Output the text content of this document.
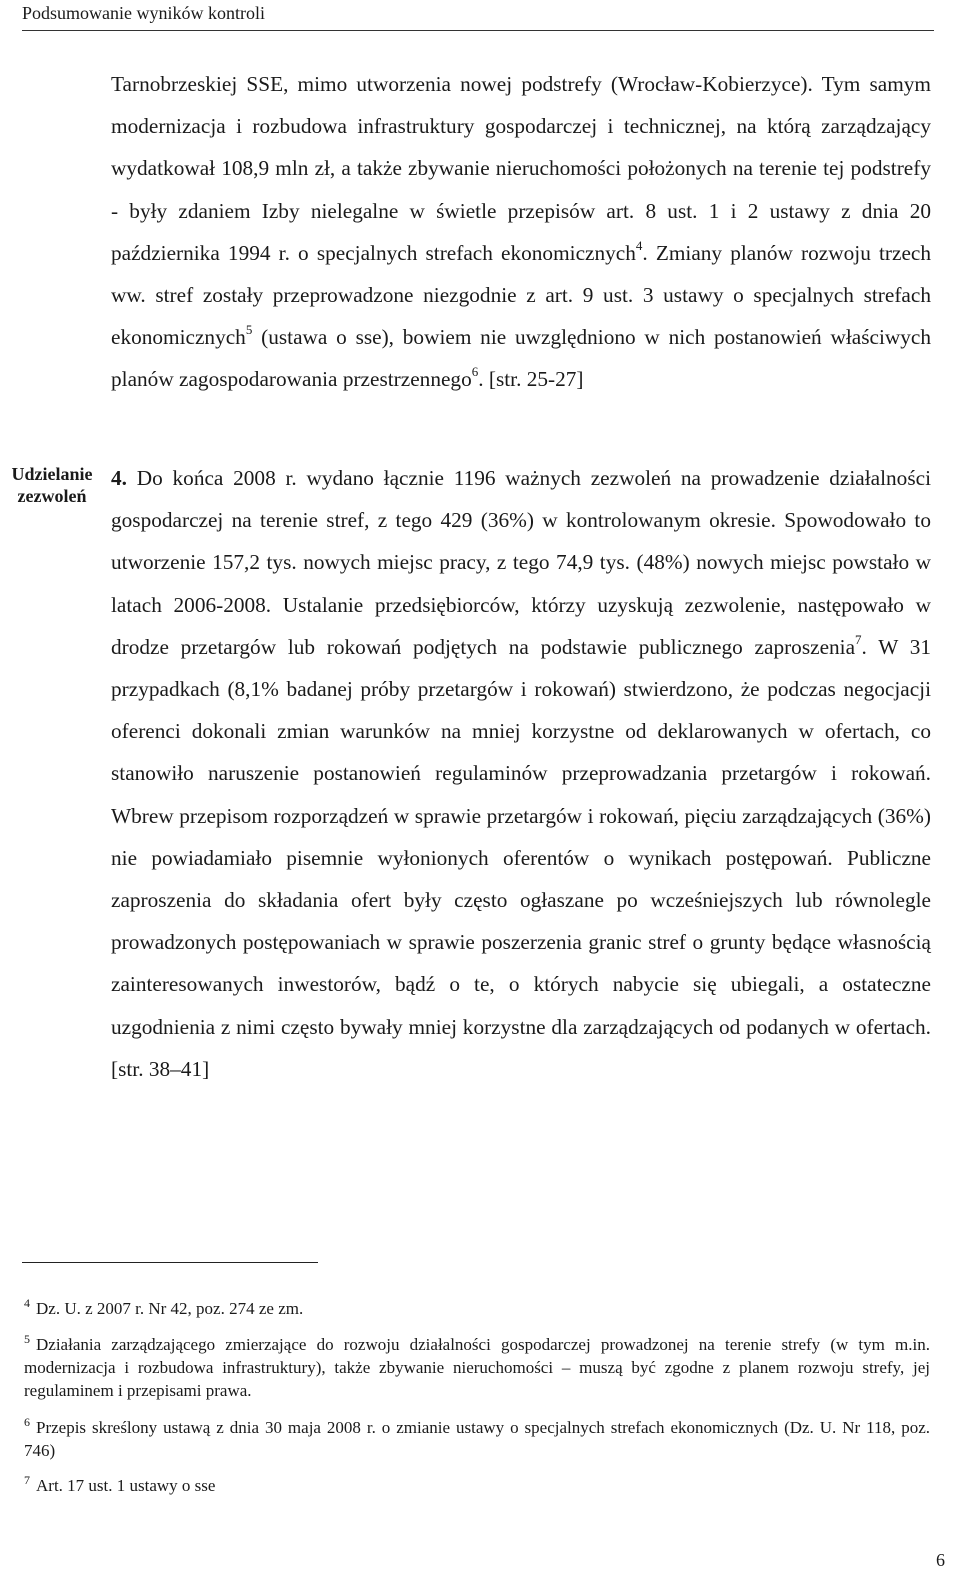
Podsumowanie wyników kontroli

Tarnobrzeskiej SSE, mimo utworzenia nowej podstrefy (Wrocław-Kobierzyce). Tym samym modernizacja i rozbudowa infrastruktury gospodarczej i technicznej, na którą zarządzający wydatkował 108,9 mln zł, a także zbywanie nieruchomości położonych na terenie tej podstrefy - były zdaniem Izby nielegalne w świetle przepisów art. 8 ust. 1 i 2 ustawy z dnia 20 października 1994 r. o specjalnych strefach ekonomicznych$^4$. Zmiany planów rozwoju trzech ww. stref zostały przeprowadzone niezgodnie z art. 9 ust. 3 ustawy o specjalnych strefach ekonomicznych$^5$ (ustawa o sse), bowiem nie uwzględniono w nich postanowień właściwych planów zagospodarowania przestrzennego$^6$. [str. 25-27]

Udzielanie
zezwoleń

4. Do końca 2008 r. wydano łącznie 1196 ważnych zezwoleń na prowadzenie działalności gospodarczej na terenie stref, z tego 429 (36%) w kontrolowanym okresie. Spowodowało to utworzenie 157,2 tys. nowych miejsc pracy, z tego 74,9 tys. (48%) nowych miejsc powstało w latach 2006-2008. Ustalanie przedsiębiorców, którzy uzyskują zezwolenie, następowało w drodze przetargów lub rokowań podjętych na podstawie publicznego zaproszenia$^7$. W 31 przypadkach (8,1% badanej próby przetargów i rokowań) stwierdzono, że podczas negocjacji oferenci dokonali zmian warunków na mniej korzystne od deklarowanych w ofertach, co stanowiło naruszenie postanowień regulaminów przeprowadzania przetargów i rokowań. Wbrew przepisom rozporządzeń w sprawie przetargów i rokowań, pięciu zarządzających (36%) nie powiadamiało pisemnie wyłonionych oferentów o wynikach postępowań. Publiczne zaproszenia do składania ofert były często ogłaszane po wcześniejszych lub równolegle prowadzonych postępowaniach w sprawie poszerzenia granic stref o grunty będące własnością zainteresowanych inwestorów, bądź o te, o których nabycie się ubiegali, a ostateczne uzgodnienia z nimi często bywały mniej korzystne dla zarządzających od podanych w ofertach. [str. 38–41]

$^4$ Dz. U. z 2007 r. Nr 42, poz. 274 ze zm.

$^5$ Działania zarządzającego zmierzające do rozwoju działalności gospodarczej prowadzonej na terenie strefy (w tym m.in. modernizacja i rozbudowa infrastruktury), także zbywanie nieruchomości – muszą być zgodne z planem rozwoju strefy, jej regulaminem i przepisami prawa.

$^6$ Przepis skreślony ustawą z dnia 30 maja 2008 r. o zmianie ustawy o specjalnych strefach ekonomicznych (Dz. U. Nr 118, poz. 746)

$^7$ Art. 17 ust. 1 ustawy o sse

6
